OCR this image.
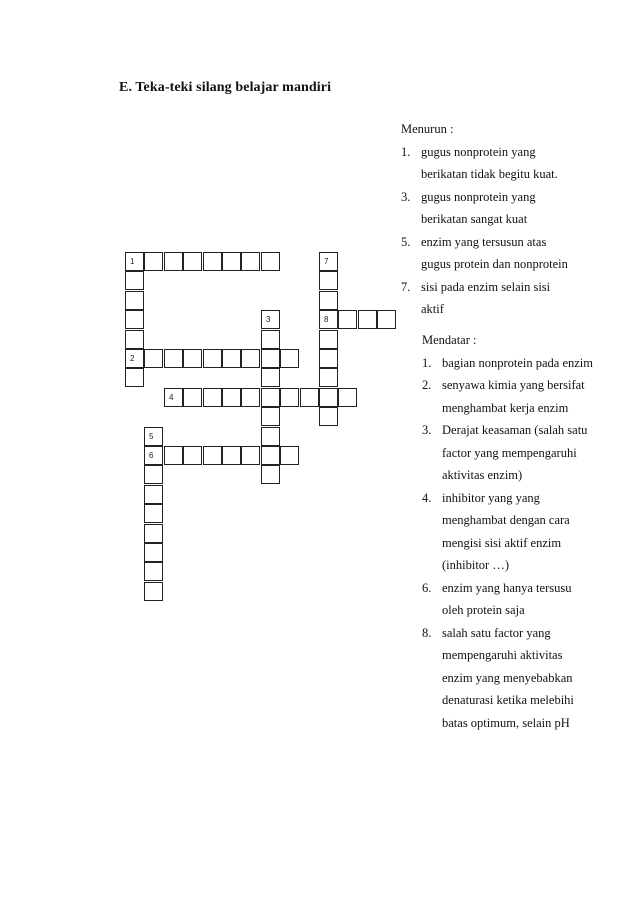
E. Teka-teki silang belajar mandiri
1
2
7
8
3
4
6
5

Menurun :

1. gugus nonprotein yang
berikatan tidak begitu kuat.
3. gugus nonprotein yang
berikatan sangat kuat
5. enzim yang tersusun atas
gugus protein dan nonprotein
7. sisi pada enzim selain sisi
aktif

Mendatar :

1. bagian nonprotein pada enzim
2. senyawa kimia yang bersifat
menghambat kerja enzim
3. Derajat keasaman (salah satu
factor yang mempengaruhi
aktivitas enzim)
4. inhibitor yang yang
menghambat dengan cara
mengisi sisi aktif enzim
(inhibitor …)
6. enzim yang hanya tersusu
oleh protein saja
8. salah satu factor yang
mempengaruhi aktivitas
enzim yang menyebabkan
denaturasi ketika melebihi
batas optimum, selain pH
